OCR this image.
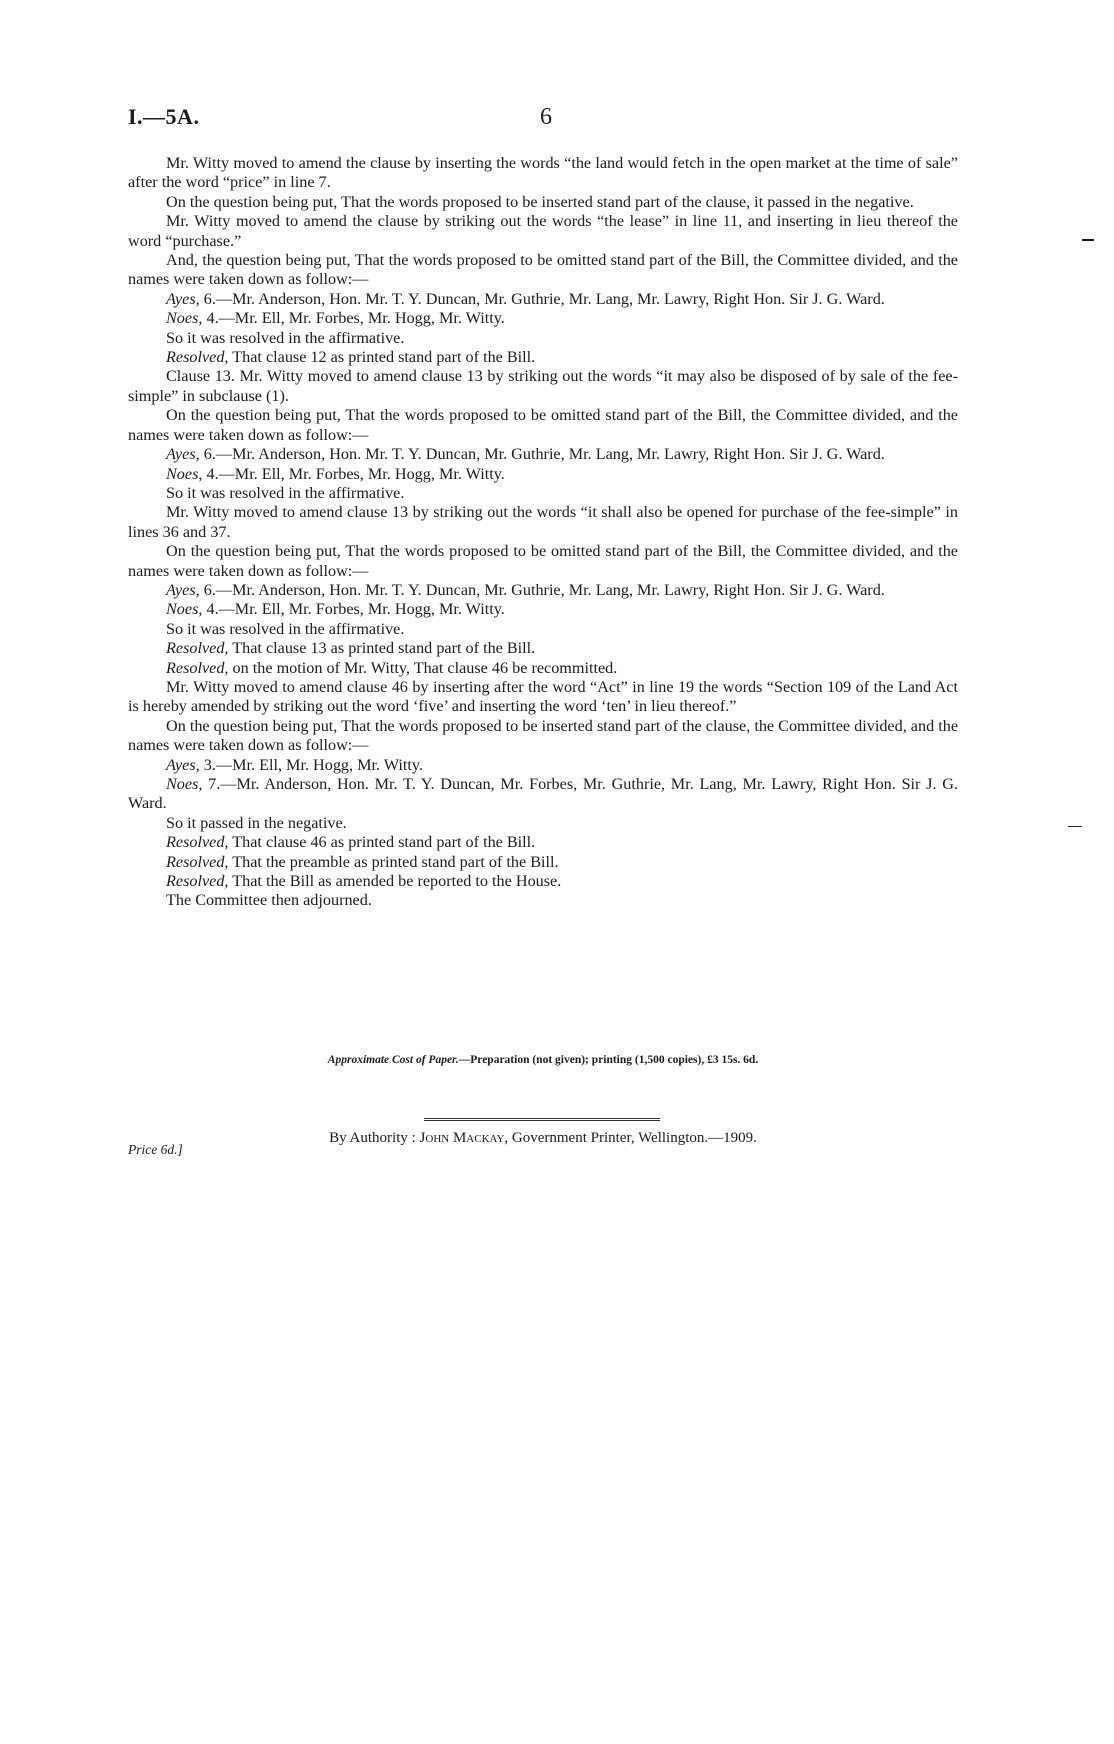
I.—5A.	6

Mr. Witty moved to amend the clause by inserting the words “the land would fetch in the open market at the time of sale” after the word “price” in line 7.

On the question being put, That the words proposed to be inserted stand part of the clause, it passed in the negative.

Mr. Witty moved to amend the clause by striking out the words “the lease” in line 11, and inserting in lieu thereof the word “purchase.”

And, the question being put, That the words proposed to be omitted stand part of the Bill, the Committee divided, and the names were taken down as follow:—

Ayes, 6.—Mr. Anderson, Hon. Mr. T. Y. Duncan, Mr. Guthrie, Mr. Lang, Mr. Lawry, Right Hon. Sir J. G. Ward.

Noes, 4.—Mr. Ell, Mr. Forbes, Mr. Hogg, Mr. Witty.

So it was resolved in the affirmative.

Resolved, That clause 12 as printed stand part of the Bill.

Clause 13. Mr. Witty moved to amend clause 13 by striking out the words “it may also be disposed of by sale of the fee-simple” in subclause (1).

On the question being put, That the words proposed to be omitted stand part of the Bill, the Committee divided, and the names were taken down as follow:—

Ayes, 6.—Mr. Anderson, Hon. Mr. T. Y. Duncan, Mr. Guthrie, Mr. Lang, Mr. Lawry, Right Hon. Sir J. G. Ward.

Noes, 4.—Mr. Ell, Mr. Forbes, Mr. Hogg, Mr. Witty.

So it was resolved in the affirmative.

Mr. Witty moved to amend clause 13 by striking out the words “it shall also be opened for purchase of the fee-simple” in lines 36 and 37.

On the question being put, That the words proposed to be omitted stand part of the Bill, the Committee divided, and the names were taken down as follow:—

Ayes, 6.—Mr. Anderson, Hon. Mr. T. Y. Duncan, Mr. Guthrie, Mr. Lang, Mr. Lawry, Right Hon. Sir J. G. Ward.

Noes, 4.—Mr. Ell, Mr. Forbes, Mr. Hogg, Mr. Witty.

So it was resolved in the affirmative.

Resolved, That clause 13 as printed stand part of the Bill.

Resolved, on the motion of Mr. Witty, That clause 46 be recommitted.

Mr. Witty moved to amend clause 46 by inserting after the word “Act” in line 19 the words “Section 109 of the Land Act is hereby amended by striking out the word ‘five’ and inserting the word ‘ten’ in lieu thereof.”

On the question being put, That the words proposed to be inserted stand part of the clause, the Committee divided, and the names were taken down as follow:—

Ayes, 3.—Mr. Ell, Mr. Hogg, Mr. Witty.

Noes, 7.—Mr. Anderson, Hon. Mr. T. Y. Duncan, Mr. Forbes, Mr. Guthrie, Mr. Lang, Mr. Lawry, Right Hon. Sir J. G. Ward.

So it passed in the negative.

Resolved, That clause 46 as printed stand part of the Bill.

Resolved, That the preamble as printed stand part of the Bill.

Resolved, That the Bill as amended be reported to the House.

The Committee then adjourned.

Approximate Cost of Paper.—Preparation (not given); printing (1,500 copies), £3 15s. 6d.
By Authority : John Mackay, Government Printer, Wellington.—1909.
Price 6d.]
